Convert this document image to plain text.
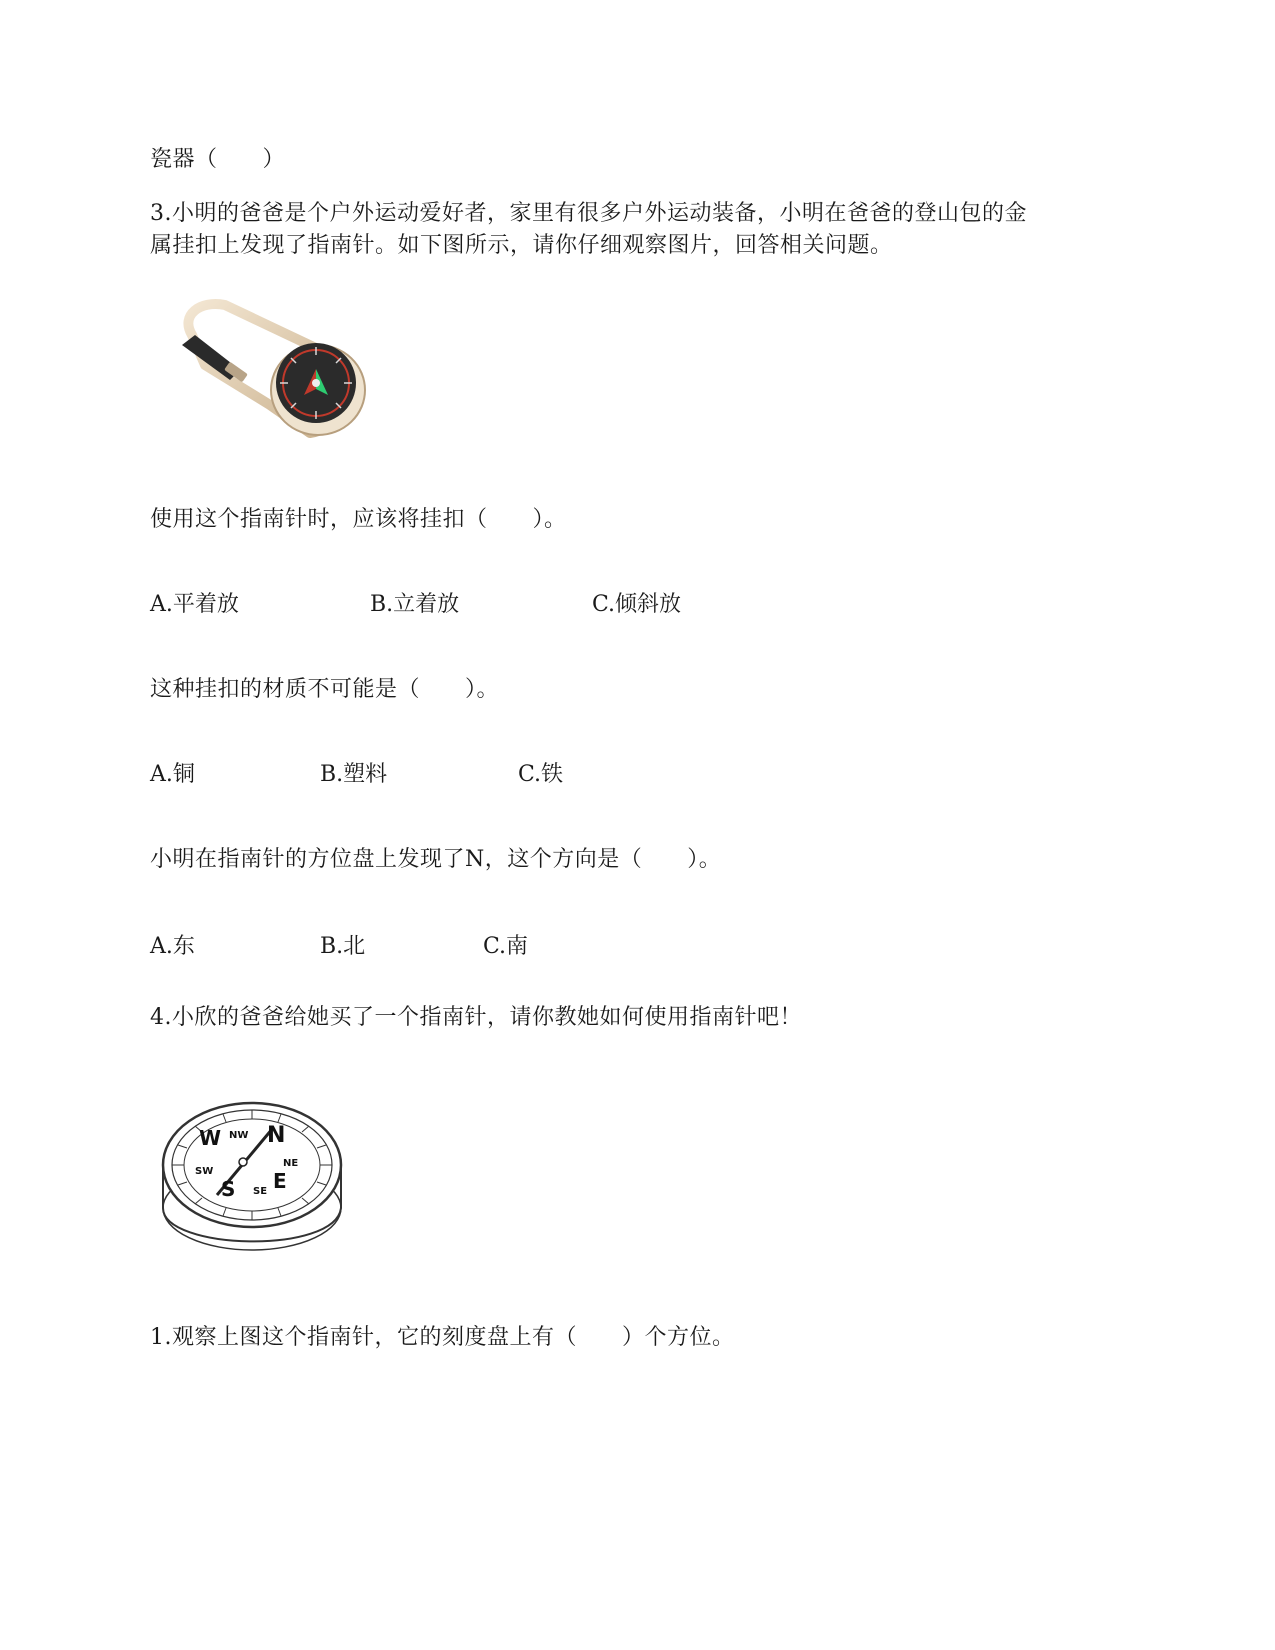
瓷器（　　）
3.小明的爸爸是个户外运动爱好者，家里有很多户外运动装备，小明在爸爸的登山包的金
属挂扣上发现了指南针。如下图所示，请你仔细观察图片，回答相关问题。
使用这个指南针时，应该将挂扣（　　）。
A.平着放	B.立着放	C.倾斜放
这种挂扣的材质不可能是（　　）。
A.铜	B.塑料	C.铁
小明在指南针的方位盘上发现了N，这个方向是（　　）。
A.东	B.北	C.南
4.小欣的爸爸给她买了一个指南针，请你教她如何使用指南针吧！
N
S E
W NW
NE
SE
SW
1.观察上图这个指南针，它的刻度盘上有（　　）个方位。
